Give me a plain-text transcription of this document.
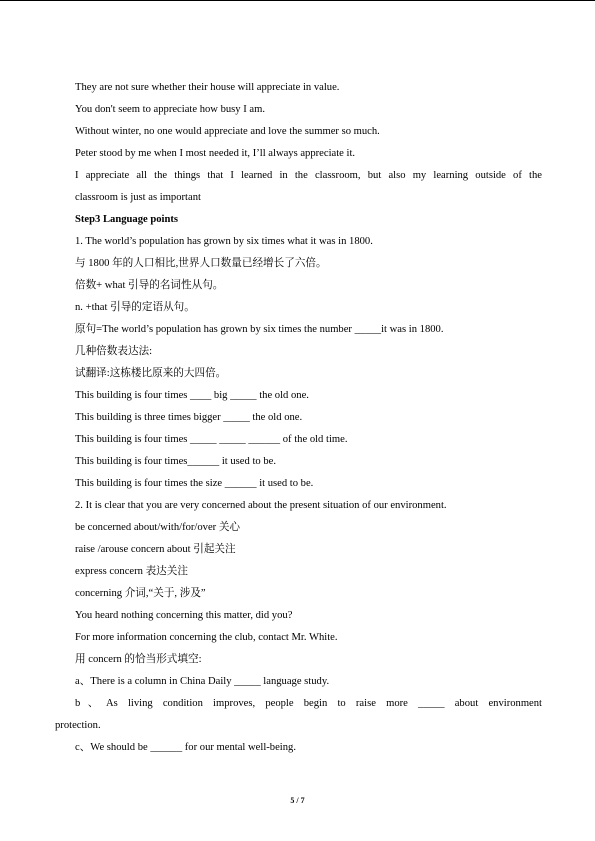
They are not sure whether their house will appreciate in value.
You don't seem to appreciate how busy I am.
Without winter, no one would appreciate and love the summer so much.
Peter stood by me when I most needed it, I’ll always appreciate it.
I appreciate all the things that I learned in the classroom, but also my learning outside of the
classroom is just as important
Step3 Language points
1. The world’s population has grown by six times what it was in 1800.
与 1800 年的人口相比,世界人口数量已经增长了六倍。
倍数+ what 引导的名词性从句。
n. +that 引导的定语从句。
原句=The world’s population has grown by six times the number _____it was in 1800.
几种倍数表达法:
试翻译:这栋楼比原来的大四倍。
This building is four times ____ big _____ the old one.
This building is three times bigger _____ the old one.
This building is four times _____ _____ ______ of the old time.
This building is four times______ it used to be.
This building is four times the size ______ it used to be.
2. It is clear that you are very concerned about the present situation of our environment.
be concerned about/with/for/over 关心
raise /arouse concern about 引起关注
express concern 表达关注
concerning 介词,“关于, 涉及”
You heard nothing concerning this matter, did you?
For more information concerning the club, contact Mr. White.
用 concern 的恰当形式填空:
a、There is a column in China Daily _____ language study.
b、As living condition improves, people begin to raise more _____ about environment
protection.
c、We should be ______ for our mental well-being.
5 / 7
